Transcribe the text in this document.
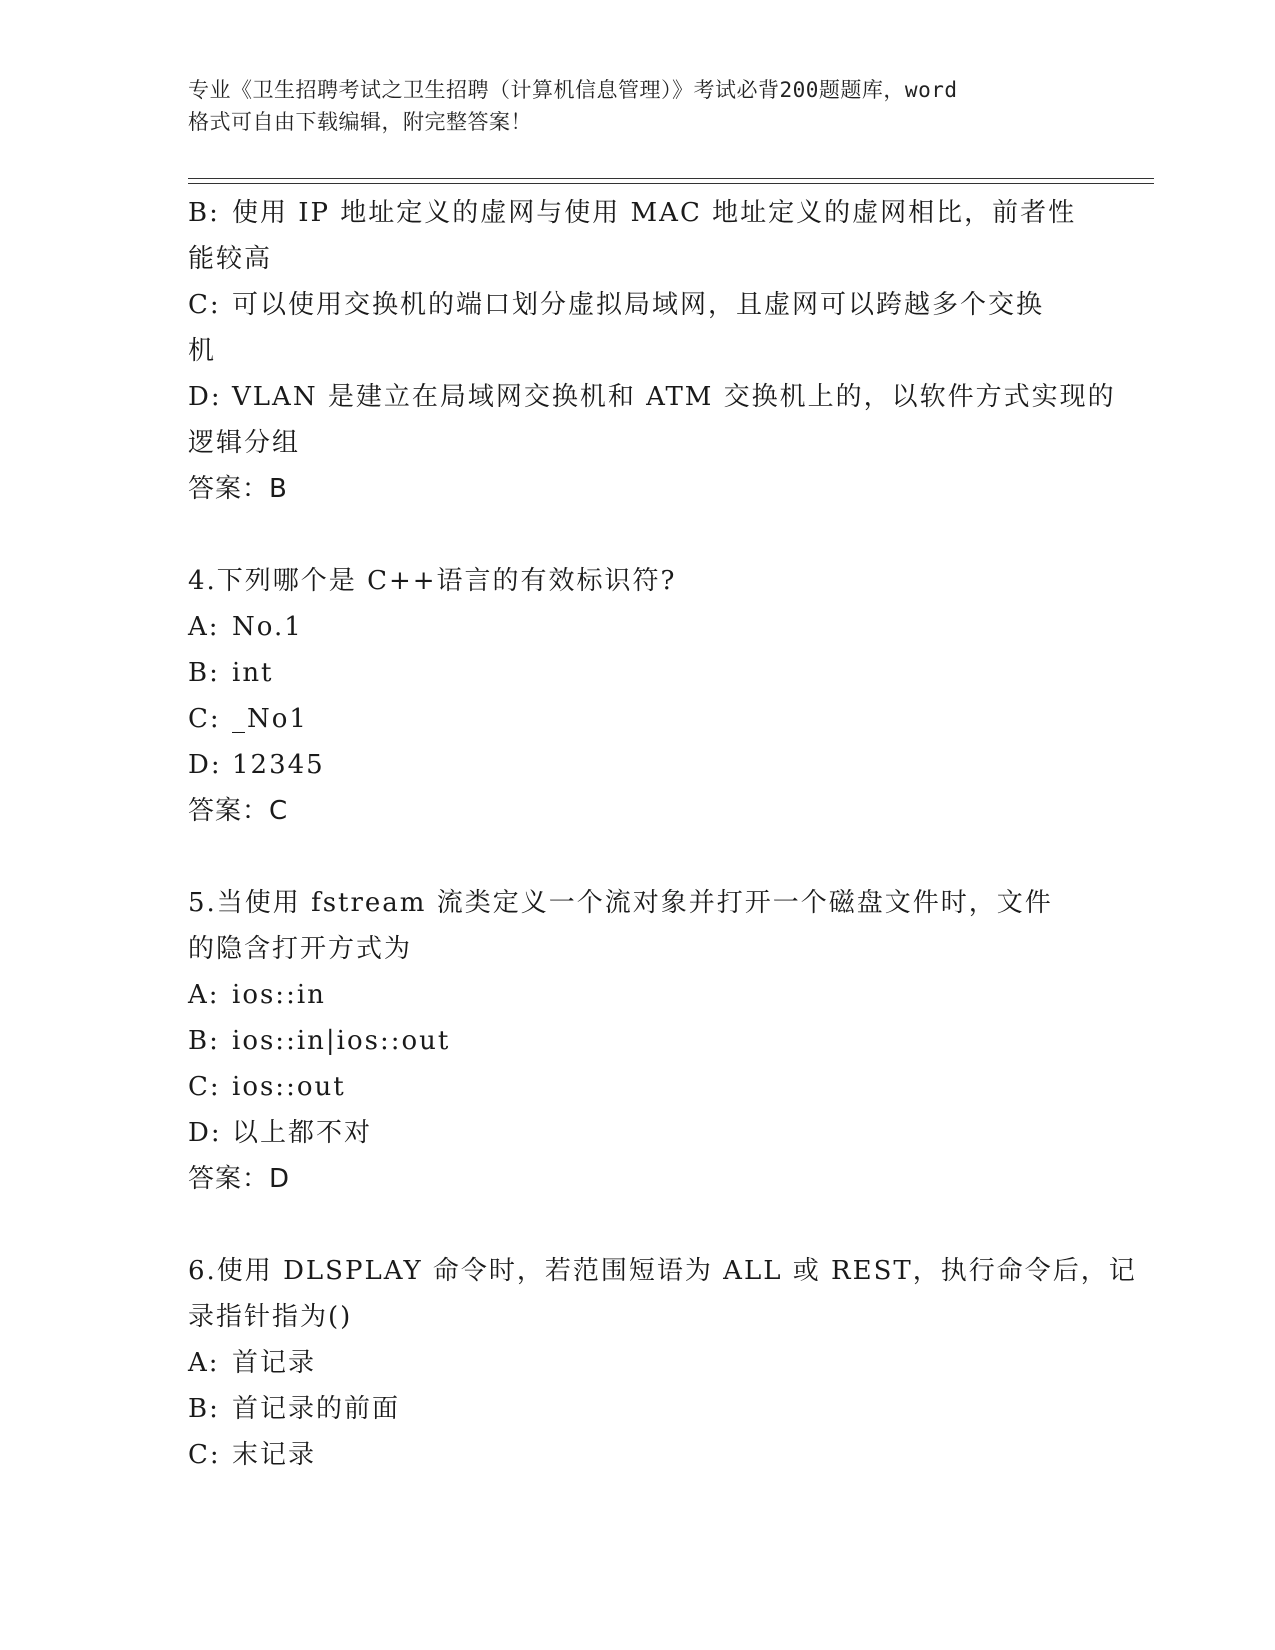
专业《卫生招聘考试之卫生招聘（计算机信息管理）》考试必背200题题库，word
格式可自由下载编辑，附完整答案！
B: 使用 IP 地址定义的虚网与使用 MAC 地址定义的虚网相比，前者性
能较高
C: 可以使用交换机的端口划分虚拟局域网，且虚网可以跨越多个交换
机
D: VLAN 是建立在局域网交换机和 ATM 交换机上的，以软件方式实现的
逻辑分组
答案：B
4.下列哪个是 C++语言的有效标识符?
A: No.1
B: int
C: _No1
D: 12345
答案：C
5.当使用 fstream 流类定义一个流对象并打开一个磁盘文件时，文件
的隐含打开方式为
A: ios::in
B: ios::in|ios::out
C: ios::out
D: 以上都不对
答案：D
6.使用 DLSPLAY 命令时，若范围短语为 ALL 或 REST，执行命令后，记
录指针指为()
A: 首记录
B: 首记录的前面
C: 末记录
